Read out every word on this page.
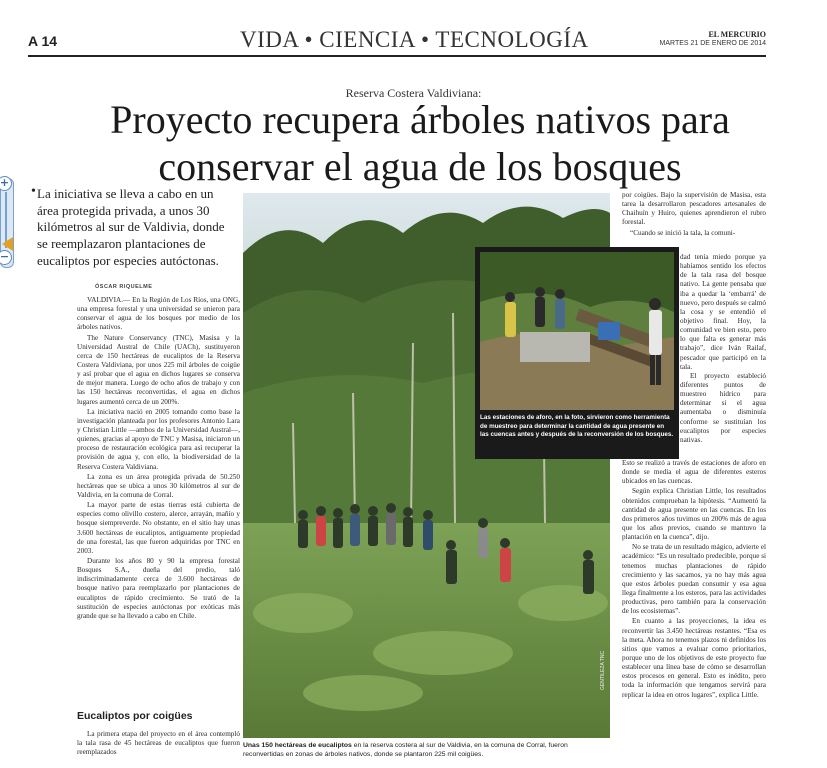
A 14	VIDA • CIENCIA • TECNOLOGÍA	EL MERCURIO
MARTES 21 DE ENERO DE 2014
Reserva Costera Valdiviana:
Proyecto recupera árboles nativos para conservar el agua de los bosques
• La iniciativa se lleva a cabo en un área protegida privada, a unos 30 kilómetros al sur de Valdivia, donde se reemplazaron plantaciones de eucaliptos por especies autóctonas.
ÓSCAR RIQUELME

VALDIVIA.— En la Región de Los Ríos, una ONG, una empresa forestal y una universidad se unieron para conservar el agua de los bosques por medio de los árboles nativos.

The Nature Conservancy (TNC), Masisa y la Universidad Austral de Chile (UACh), sustituyeron cerca de 150 hectáreas de eucaliptos de la Reserva Costera Valdiviana, por unos 225 mil árboles de coigüe y así probar que el agua en dichos lugares se conserva de mejor manera. Luego de ocho años de trabajo y con las 150 hectáreas reconvertidas, el agua en dichos lugares aumentó cerca de un 200%.

La iniciativa nació en 2005 tomando como base la investigación planteada por los profesores Antonio Lara y Christian Little —ambos de la Universidad Austral—, quienes, gracias al apoyo de TNC y Masisa, iniciaron un proceso de restauración ecológica para así recuperar la provisión de agua y, con ello, la biodiversidad de la Reserva Costera Valdiviana.

La zona es un área protegida privada de 50.250 hectáreas que se ubica a unos 30 kilómetros al sur de Valdivia, en la comuna de Corral.

La mayor parte de estas tierras está cubierta de especies como olivillo costero, alerce, arrayán, mañío y bosque siempreverde. No obstante, en el sitio hay unas 3.600 hectáreas de eucaliptos, antiguamente propiedad de una forestal, las que fueron adquiridas por TNC en 2003.

Durante los años 80 y 90 la empresa forestal Bosques S.A., dueña del predio, taló indiscriminadamente cerca de 3.600 hectáreas de bosque nativo para reemplazarlo por plantaciones de eucaliptos de rápido crecimiento. Se trató de la sustitución de especies autóctonas por exóticas más grande que se ha llevado a cabo en Chile.

Eucaliptos por coigües

La primera etapa del proyecto en el área contempló la tala rasa de 45 hectáreas de eucaliptos que fueron reemplazados

GENTILEZA TNC
Las estaciones de aforo, en la foto, sirvieron como herramienta de muestreo para determinar la cantidad de agua presente en las cuencas antes y después de la reconversión de los bosques.
Unas 150 hectáreas de eucaliptos en la reserva costera al sur de Valdivia, en la comuna de Corral, fueron reconvertidas en zonas de árboles nativos, donde se plantaron 225 mil coigües.

por coigües. Bajo la supervisión de Masisa, esta tarea la desarrollaron pescadores artesanales de Chaihuín y Huiro, quienes aprendieron el rubro forestal.

“Cuando se inició la tala, la comuni-

dad tenía miedo porque ya habíamos sentido los efectos de la tala rasa del bosque nativo. La gente pensaba que iba a quedar la ‘embarrá’ de nuevo, pero después se calmó la cosa y se entendió el objetivo final. Hoy, la comunidad ve bien esto, pero lo que falta es generar más trabajo”, dice Iván Railaf, pescador que participó en la tala.

El proyecto estableció diferentes puntos de muestreo hídrico para determinar si el agua aumentaba o disminuía conforme se sustituían los eucaliptos por especies nativas.

Esto se realizó a través de estaciones de aforo en donde se medía el agua de diferentes esteros ubicados en las cuencas.

Según explica Christian Little, los resultados obtenidos comprueban la hipótesis. “Aumentó la cantidad de agua presente en las cuencas. En los dos primeros años tuvimos un 200% más de agua que los años previos, cuando se mantuvo la plantación en la cuenca”, dijo.

No se trata de un resultado mágico, advierte el académico: “Es un resultado predecible, porque si tenemos muchas plantaciones de rápido crecimiento y las sacamos, ya no hay más agua que estos árboles puedan consumir y esa agua llega finalmente a los esteros, para las actividades productivas, pero también para la conservación de los ecosistemas”.

En cuanto a las proyecciones, la idea es reconvertir las 3.450 hectáreas restantes. “Esa es la meta. Ahora no tenemos plazos ni definidos los sitios que vamos a evaluar como prioritarios, porque uno de los objetivos de este proyecto fue establecer una línea base de cómo se desarrollan estos procesos en general. Esto es inédito, pero toda la información que tengamos servirá para replicar la idea en otros lugares”, explica Little.

+
−
